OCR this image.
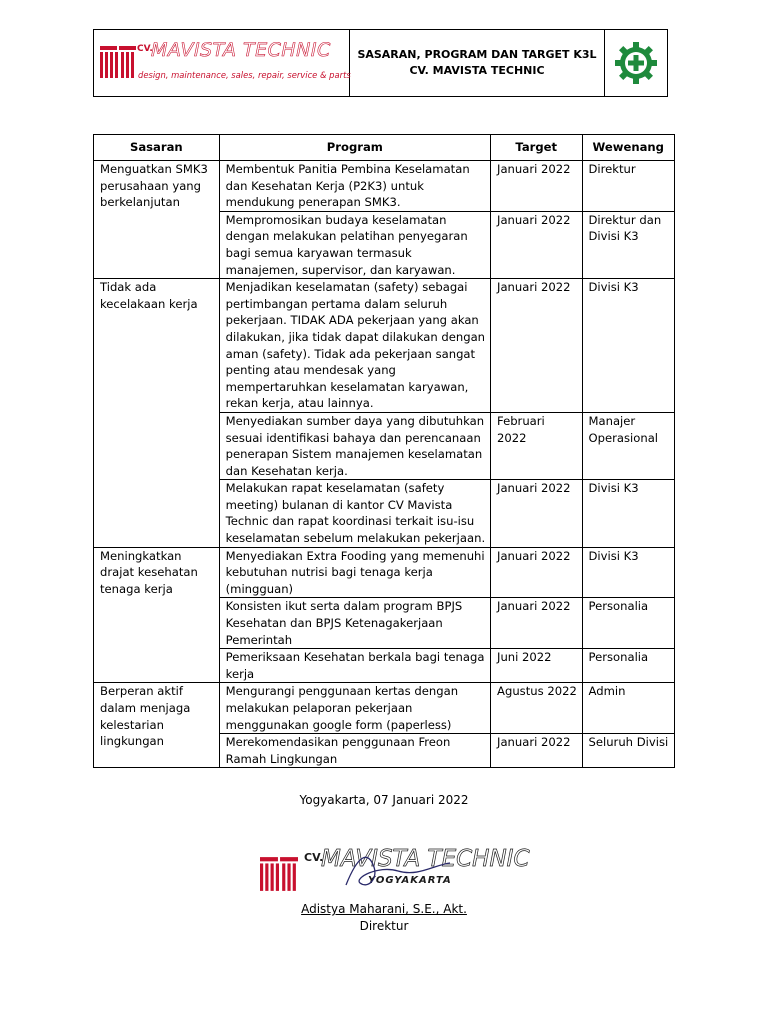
CV.
MAVISTA TECHNIC
design, maintenance, sales, repair, service & parts
SASARAN, PROGRAM DAN TARGET K3L
CV. MAVISTA TECHNIC
Sasaran	Program	Target	Wewenang
Menguatkan SMK3 perusahaan yang berkelanjutan	Membentuk Panitia Pembina Keselamatan dan Kesehatan Kerja (P2K3) untuk mendukung penerapan SMK3.	Januari 2022	Direktur
	Mempromosikan budaya keselamatan dengan melakukan pelatihan penyegaran bagi semua karyawan termasuk manajemen, supervisor, dan karyawan.	Januari 2022	Direktur dan Divisi K3
Tidak ada kecelakaan kerja	Menjadikan keselamatan (safety) sebagai pertimbangan pertama dalam seluruh pekerjaan. TIDAK ADA pekerjaan yang akan dilakukan, jika tidak dapat dilakukan dengan aman (safety). Tidak ada pekerjaan sangat penting atau mendesak yang mempertaruhkan keselamatan karyawan, rekan kerja, atau lainnya.	Januari 2022	Divisi K3
	Menyediakan sumber daya yang dibutuhkan sesuai identifikasi bahaya dan perencanaan penerapan Sistem manajemen keselamatan dan Kesehatan kerja.	Februari 2022	Manajer Operasional
	Melakukan rapat keselamatan (safety meeting) bulanan di kantor CV Mavista Technic dan rapat koordinasi terkait isu-isu keselamatan sebelum melakukan pekerjaan.	Januari 2022	Divisi K3
Meningkatkan drajat kesehatan tenaga kerja	Menyediakan Extra Fooding yang memenuhi kebutuhan nutrisi bagi tenaga kerja (mingguan)	Januari 2022	Divisi K3
	Konsisten ikut serta dalam program BPJS Kesehatan dan BPJS Ketenagakerjaan Pemerintah	Januari 2022	Personalia
	Pemeriksaan Kesehatan berkala bagi tenaga kerja	Juni 2022	Personalia
Berperan aktif dalam menjaga kelestarian lingkungan	Mengurangi penggunaan kertas dengan melakukan pelaporan pekerjaan menggunakan google form (paperless)	Agustus 2022	Admin
	Merekomendasikan penggunaan Freon Ramah Lingkungan	Januari 2022	Seluruh Divisi
Yogyakarta, 07 Januari 2022
CV.
MAVISTA TECHNIC
YOGYAKARTA
Adistya Maharani, S.E., Akt.
Direktur
